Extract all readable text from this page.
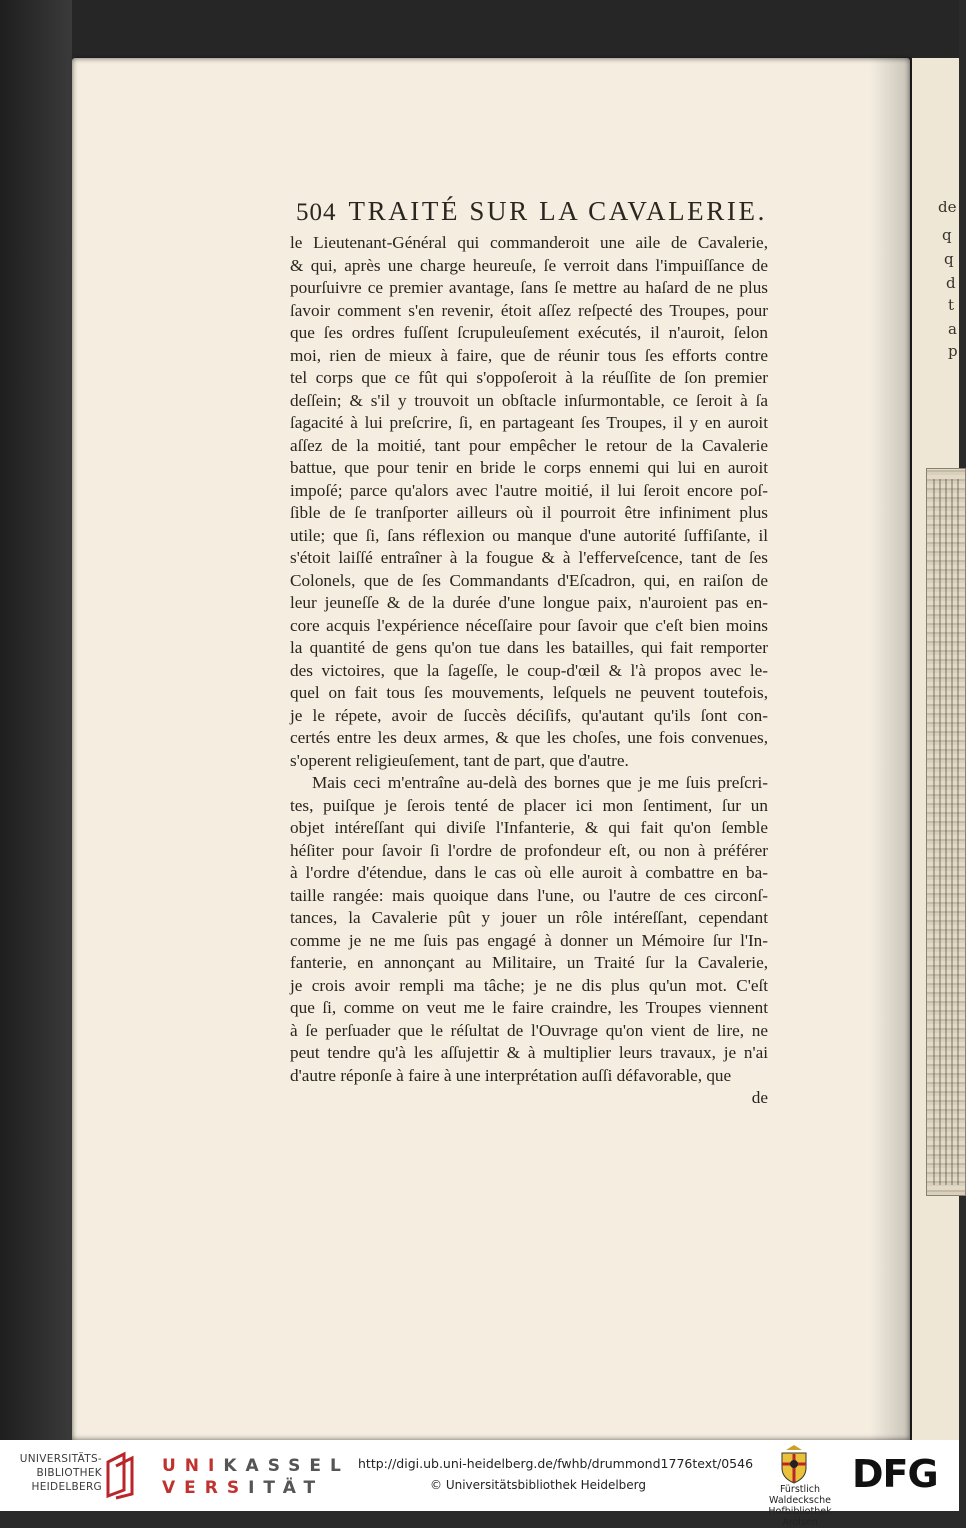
de
q
q
d
t
a
p
504 TRAITÉ SUR LA CAVALERIE.
le Lieutenant-Général qui commanderoit une aile de Cavalerie,
& qui, après une charge heureuſe, ſe verroit dans l'impuiſſance de
pourſuivre ce premier avantage, ſans ſe mettre au haſard de ne plus
ſavoir comment s'en revenir, étoit aſſez reſpecté des Troupes, pour
que ſes ordres fuſſent ſcrupuleuſement exécutés, il n'auroit, ſelon
moi, rien de mieux à faire, que de réunir tous ſes efforts contre
tel corps que ce fût qui s'oppoſeroit à la réuſſite de ſon premier
deſſein; & s'il y trouvoit un obſtacle inſurmontable, ce ſeroit à ſa
ſagacité à lui preſcrire, ſi, en partageant ſes Troupes, il y en auroit
aſſez de la moitié, tant pour empêcher le retour de la Cavalerie
battue, que pour tenir en bride le corps ennemi qui lui en auroit
impoſé; parce qu'alors avec l'autre moitié, il lui ſeroit encore poſ-
ſible de ſe tranſporter ailleurs où il pourroit être infiniment plus
utile; que ſi, ſans réflexion ou manque d'une autorité ſuffiſante, il
s'étoit laiſſé entraîner à la fougue & à l'effervеſcence, tant de ſes
Colonels, que de ſes Commandants d'Eſcadron, qui, en raiſon de
leur jeuneſſe & de la durée d'une longue paix, n'auroient pas en-
core acquis l'expérience néceſſaire pour ſavoir que c'eſt bien moins
la quantité de gens qu'on tue dans les batailles, qui fait remporter
des victoires, que la ſageſſe, le coup-d'œil & l'à propos avec le-
quel on fait tous ſes mouvements, leſquels ne peuvent toutefois,
je le répete, avoir de ſuccès déciſifs, qu'autant qu'ils ſont con-
certés entre les deux armes, & que les choſes, une fois convenues,
s'operent religieuſement, tant de part, que d'autre.
Mais ceci m'entraîne au-delà des bornes que je me ſuis preſcri-
tes, puiſque je ſerois tenté de placer ici mon ſentiment, ſur un
objet intéreſſant qui diviſe l'Infanterie, & qui fait qu'on ſemble
héſiter pour ſavoir ſi l'ordre de profondeur eſt, ou non à préférer
à l'ordre d'étendue, dans le cas où elle auroit à combattre en ba-
taille rangée: mais quoique dans l'une, ou l'autre de ces circonſ-
tances, la Cavalerie pût y jouer un rôle intéreſſant, cependant
comme je ne me ſuis pas engagé à donner un Mémoire ſur l'In-
fanterie, en annonçant au Militaire, un Traité ſur la Cavalerie,
je crois avoir rempli ma tâche; je ne dis plus qu'un mot. C'eſt
que ſi, comme on veut me le faire craindre, les Troupes viennent
à ſe perſuader que le réſultat de l'Ouvrage qu'on vient de lire, ne
peut tendre qu'à les aſſujettir & à multiplier leurs travaux, je n'ai
d'autre réponſe à faire à une interprétation auſſi défavorable, que
de
UNIVERSITÄTS-
BIBLIOTHEK
HEIDELBERG
UNIKASSEL
VERSITÄT
http://digi.ub.uni-heidelberg.de/fwhb/drummond1776text/0546
© Universitätsbibliothek Heidelberg	Fürstlich Waldecksche
Hofbibliothek Arolsen
DFG
